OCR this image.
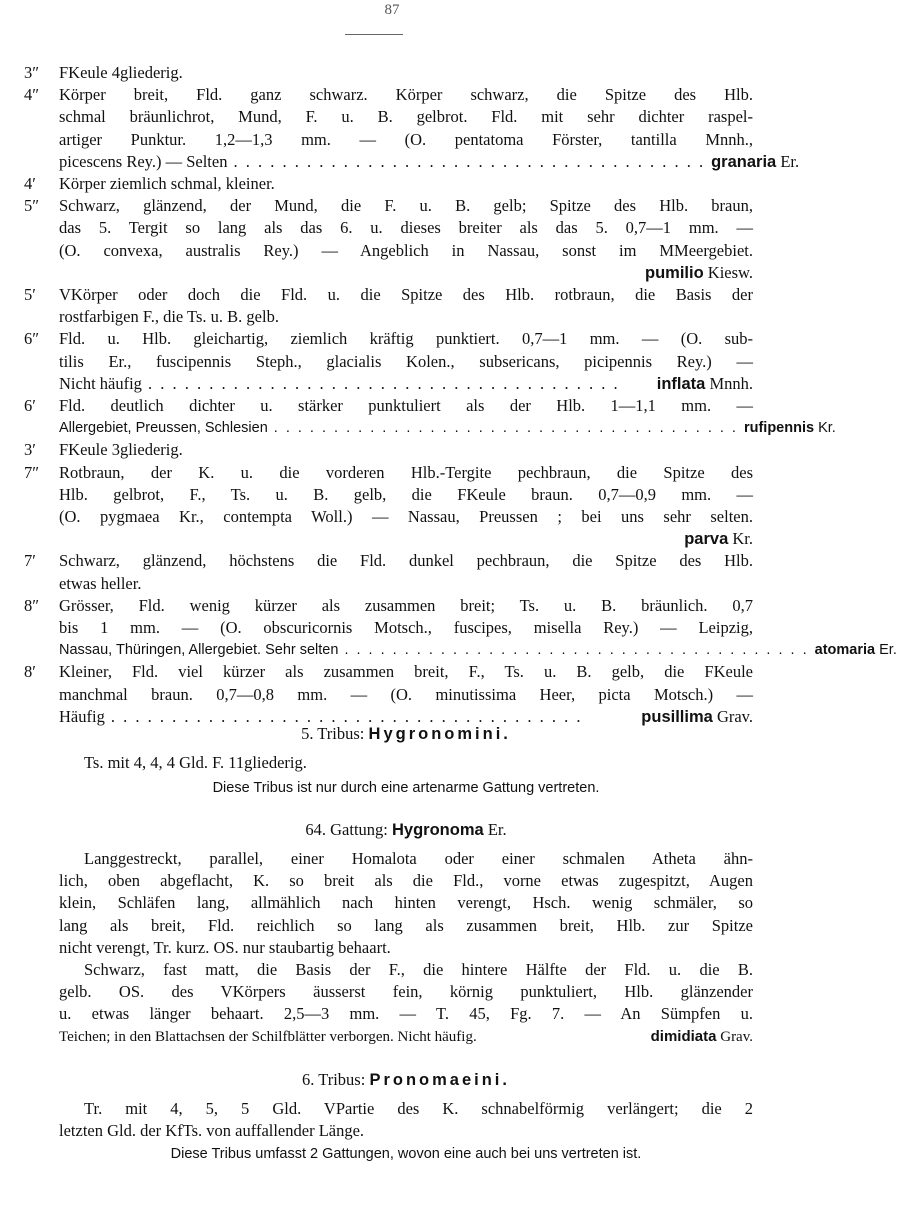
87
3″ FKeule 4gliederig.
4″ Körper breit, Fld. ganz schwarz. Körper schwarz, die Spitze des Hlb.
schmal bräunlichrot, Mund, F. u. B. gelbrot. Fld. mit sehr dichter raspel-
artiger Punktur. 1,2—1,3 mm. — (O. pentatoma Förster, tantilla Mnnh.,
picescens Rey.) — Selten . . . . . . . . . . . . . . . . . . . . . . . . . . . . . . . . . . . . . . . granaria Er.
4′ Körper ziemlich schmal, kleiner.
5″ Schwarz, glänzend, der Mund, die F. u. B. gelb; Spitze des Hlb. braun,
das 5. Tergit so lang als das 6. u. dieses breiter als das 5. 0,7—1 mm. —
(O. convexa, australis Rey.) — Angeblich in Nassau, sonst im MMeergebiet.
pumilio Kiesw.
5′ VKörper oder doch die Fld. u. die Spitze des Hlb. rotbraun, die Basis der
rostfarbigen F., die Ts. u. B. gelb.
6″ Fld. u. Hlb. gleichartig, ziemlich kräftig punktiert. 0,7—1 mm. — (O. sub-
tilis Er., fuscipennis Steph., glacialis Kolen., subsericans, picipennis Rey.) —
Nicht häufig . . . . . . . . . . . . . . . . . . . . . . . . . . . . . . . . . . . . . . .	inflata Mnnh.
6′ Fld. deutlich dichter u. stärker punktuliert als der Hlb. 1—1,1 mm. —
Allergebiet, Preussen, Schlesien . . . . . . . . . . . . . . . . . . . . . . . . . . . . . . . . . . . . . . . rufipennis Kr.
3′ FKeule 3gliederig.
7″ Rotbraun, der K. u. die vorderen Hlb.-Tergite pechbraun, die Spitze des
Hlb. gelbrot, F., Ts. u. B. gelb, die FKeule braun. 0,7—0,9 mm. —
(O. pygmaea Kr., contempta Woll.) — Nassau, Preussen ; bei uns sehr selten.
parva Kr.
7′ Schwarz, glänzend, höchstens die Fld. dunkel pechbraun, die Spitze des Hlb.
etwas heller.
8″ Grösser, Fld. wenig kürzer als zusammen breit; Ts. u. B. bräunlich. 0,7
bis 1 mm. — (O. obscuricornis Motsch., fuscipes, misella Rey.) — Leipzig,
Nassau, Thüringen, Allergebiet. Sehr selten . . . . . . . . . . . . . . . . . . . . . . . . . . . . . . . . . . . . . . . atomaria Er.
8′ Kleiner, Fld. viel kürzer als zusammen breit, F., Ts. u. B. gelb, die FKeule
manchmal braun. 0,7—0,8 mm. — (O. minutissima Heer, picta Motsch.) —
Häufig . . . . . . . . . . . . . . . . . . . . . . . . . . . . . . . . . . . . . . .	pusillima Grav.
5. Tribus: Hygronomini.
Ts. mit 4, 4, 4 Gld. F. 11gliederig.
Diese Tribus ist nur durch eine artenarme Gattung vertreten.
64. Gattung: Hygronoma Er.
Langgestreckt, parallel, einer Homalota oder einer schmalen Atheta ähn-
lich, oben abgeflacht, K. so breit als die Fld., vorne etwas zugespitzt, Augen
klein, Schläfen lang, allmählich nach hinten verengt, Hsch. wenig schmäler, so
lang als breit, Fld. reichlich so lang als zusammen breit, Hlb. zur Spitze
nicht verengt, Tr. kurz. OS. nur staubartig behaart.
Schwarz, fast matt, die Basis der F., die hintere Hälfte der Fld. u. die B.
gelb. OS. des VKörpers äusserst fein, körnig punktuliert, Hlb. glänzender
u. etwas länger behaart. 2,5—3 mm. — T. 45, Fg. 7. — An Sümpfen u.
Teichen; in den Blattachsen der Schilfblätter verborgen. Nicht häufig.	dimidiata Grav.
6. Tribus: Pronomaeini.
Tr. mit 4, 5, 5 Gld. VPartie des K. schnabelförmig verlängert; die 2
letzten Gld. der KfTs. von auffallender Länge.
Diese Tribus umfasst 2 Gattungen, wovon eine auch bei uns vertreten ist.
